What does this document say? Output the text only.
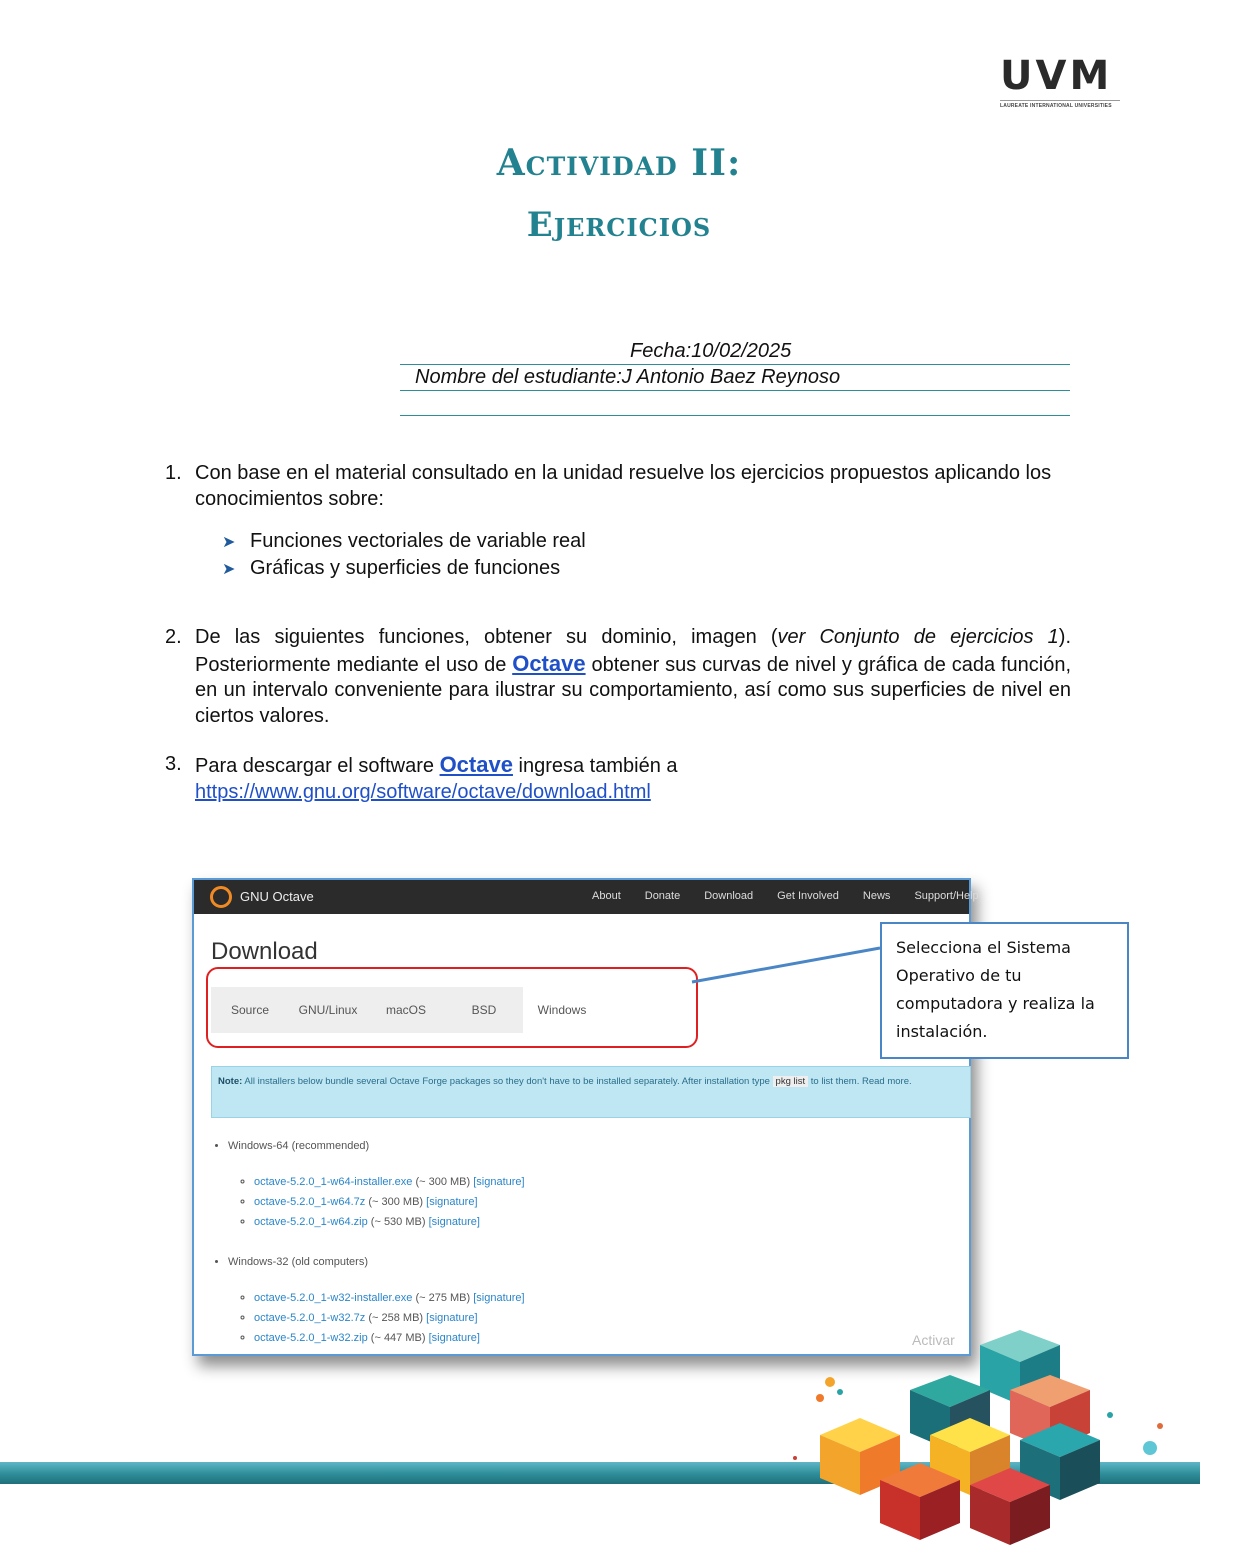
UVM
LAUREATE INTERNATIONAL UNIVERSITIES
Actividad II:
Ejercicios
Fecha:10/02/2025
Nombre del estudiante:J Antonio Baez Reynoso
1. Con base en el material consultado en la unidad resuelve los ejercicios propuestos aplicando los conocimientos sobre:
➤ Funciones vectoriales de variable real
➤ Gráficas y superficies de funciones
2. De las siguientes funciones, obtener su dominio, imagen (ver Conjunto de ejercicios 1). Posteriormente mediante el uso de Octave obtener sus curvas de nivel y gráfica de cada función, en un intervalo conveniente para ilustrar su comportamiento, así como sus superficies de nivel en ciertos valores.
3. Para descargar el software Octave ingresa también a
https://www.gnu.org/software/octave/download.html
GNU Octave	About Donate Download Get Involved News Support/Help
Download
Source	GNU/Linux	macOS	BSD	Windows
Note: All installers below bundle several Octave Forge packages so they don't have to be installed separately. After installation type pkg list to list them. Read more.
• Windows-64 (recommended)
◦ octave-5.2.0_1-w64-installer.exe (~ 300 MB) [signature]
◦ octave-5.2.0_1-w64.7z (~ 300 MB) [signature]
◦ octave-5.2.0_1-w64.zip (~ 530 MB) [signature]
• Windows-32 (old computers)
◦ octave-5.2.0_1-w32-installer.exe (~ 275 MB) [signature]
◦ octave-5.2.0_1-w32.7z (~ 258 MB) [signature]
◦ octave-5.2.0_1-w32.zip (~ 447 MB) [signature]	Activar
Selecciona el Sistema Operativo de tu computadora y realiza la instalación.
